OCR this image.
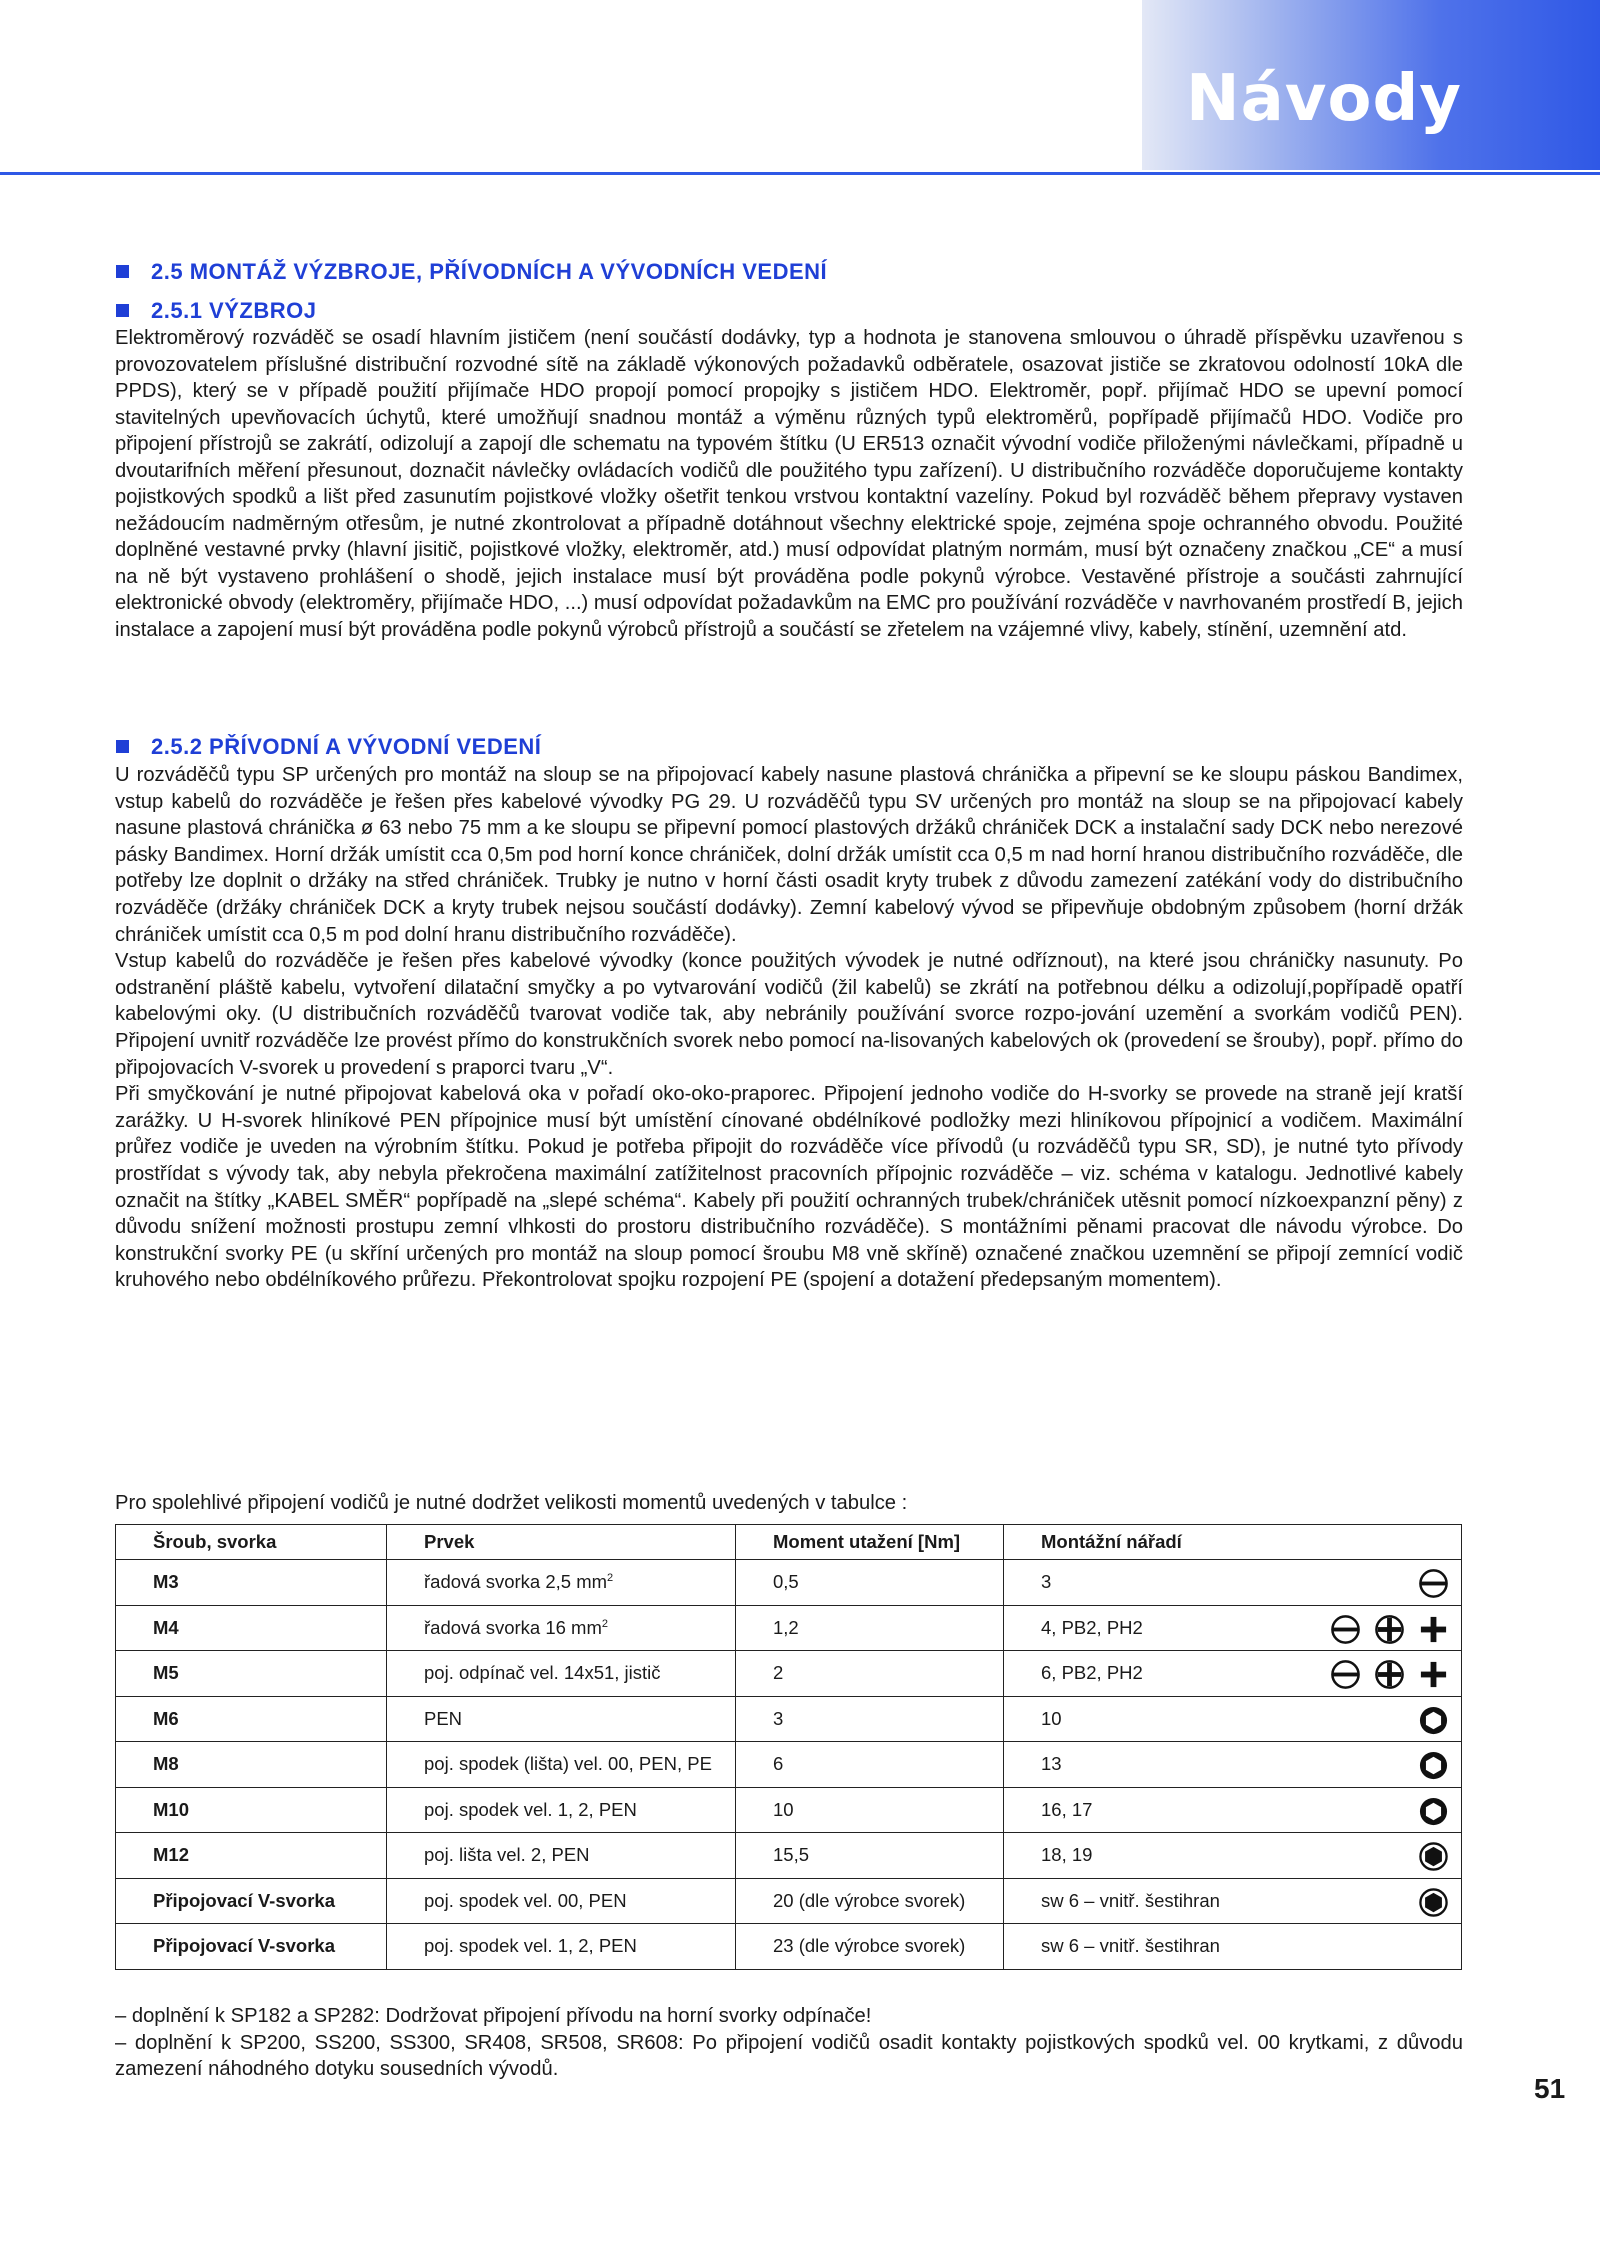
Návody
2.5 MONTÁŽ VÝZBROJE, PŘÍVODNÍCH A VÝVODNÍCH VEDENÍ
2.5.1 VÝZBROJ

Elektroměrový rozváděč se osadí hlavním jističem (není součástí dodávky, typ a hodnota je stanovena smlouvou o úhradě příspěvku uzavřenou s provozovatelem příslušné distribuční rozvodné sítě na základě výkonových požadavků odběratele, osazovat jističe se zkratovou odolností 10kA dle PPDS), který se v případě použití přijímače HDO propojí pomocí propojky s jističem HDO. Elektroměr, popř. přijímač HDO se upevní pomocí stavitelných upevňovacích úchytů, které umožňují snadnou montáž a výměnu různých typů elektroměrů, popřípadě přijímačů HDO. Vodiče pro připojení přístrojů se zakrátí, odizolují a zapojí dle schematu na typovém štítku (U ER513 označit vývodní vodiče přiloženými návlečkami, případně u dvoutarifních měření přesunout, doznačit návlečky ovládacích vodičů dle použitého typu zařízení). U distribučního rozváděče doporučujeme kontakty pojistkových spodků a lišt před zasunutím pojistkové vložky ošetřit tenkou vrstvou kontaktní vazelíny. Pokud byl rozváděč během přepravy vystaven nežádoucím nadměrným otřesům, je nutné zkontrolovat a případně dotáhnout všechny elektrické spoje, zejména spoje ochranného obvodu. Použité doplněné vestavné prvky (hlavní jisitič, pojistkové vložky, elektroměr, atd.) musí odpovídat platným normám, musí být označeny značkou „CE“ a musí na ně být vystaveno prohlášení o shodě, jejich instalace musí být prováděna podle pokynů výrobce. Vestavěné přístroje a součásti zahrnující elektronické obvody (elektroměry, přijímače HDO, ...) musí odpovídat požadavkům na EMC pro používání rozváděče v navrhovaném prostředí B, jejich instalace a zapojení musí být prováděna podle pokynů výrobců přístrojů a součástí se zřetelem na vzájemné vlivy, kabely, stínění, uzemnění atd.

2.5.2 PŘÍVODNÍ A VÝVODNÍ VEDENÍ

U rozváděčů typu SP určených pro montáž na sloup se na připojovací kabely nasune plastová chránička a připevní se ke sloupu páskou Bandimex, vstup kabelů do rozváděče je řešen přes kabelové vývodky PG 29. U rozváděčů typu SV určených pro montáž na sloup se na připojovací kabely nasune plastová chránička ø 63 nebo 75 mm a ke sloupu se připevní pomocí plastových držáků chrániček DCK a instalační sady DCK nebo nerezové pásky Bandimex. Horní držák umístit cca 0,5m pod horní konce chrániček, dolní držák umístit cca 0,5 m nad horní hranou distribučního rozváděče, dle potřeby lze doplnit o držáky na střed chrániček. Trubky je nutno v horní části osadit kryty trubek z důvodu zamezení zatékání vody do distribučního rozváděče (držáky chrániček DCK a kryty trubek nejsou součástí dodávky). Zemní kabelový vývod se připevňuje obdobným způsobem (horní držák chrániček umístit cca 0,5 m pod dolní hranu distribučního rozváděče).

Vstup kabelů do rozváděče je řešen přes kabelové vývodky (konce použitých vývodek je nutné odříznout), na které jsou chráničky nasunuty. Po odstranění pláště kabelu, vytvoření dilatační smyčky a po vytvarování vodičů (žil kabelů) se zkrátí na potřebnou délku a odizolují,popřípadě opatří kabelovými oky. (U distribučních rozváděčů tvarovat vodiče tak, aby nebránily používání svorce rozpo-jování uzemění a svorkám vodičů PEN). Připojení uvnitř rozváděče lze provést přímo do konstrukčních svorek nebo pomocí na-lisovaných kabelových ok (provedení se šrouby), popř. přímo do připojovacích V-svorek u provedení s praporci tvaru „V“.

Při smyčkování je nutné připojovat kabelová oka v pořadí oko-oko-praporec. Připojení jednoho vodiče do H-svorky se provede na straně její kratší zarážky. U H-svorek hliníkové PEN přípojnice musí být umístění cínované obdélníkové podložky mezi hliníkovou přípojnicí a vodičem. Maximální průřez vodiče je uveden na výrobním štítku. Pokud je potřeba připojit do rozváděče více přívodů (u rozváděčů typu SR, SD), je nutné tyto přívody prostřídat s vývody tak, aby nebyla překročena maximální zatížitelnost pracovních přípojnic rozváděče – viz. schéma v katalogu. Jednotlivé kabely označit na štítky „KABEL SMĚR“ popřípadě na „slepé schéma“. Kabely při použití ochranných trubek/chrániček utěsnit pomocí nízkoexpanzní pěny) z důvodu snížení možnosti prostupu zemní vlhkosti do prostoru distribučního rozváděče). S montážními pěnami pracovat dle návodu výrobce. Do konstrukční svorky PE (u skříní určených pro montáž na sloup pomocí šroubu M8 vně skříně) označené značkou uzemnění se připojí zemnící vodič kruhového nebo obdélníkového průřezu. Překontrolovat spojku rozpojení PE (spojení a dotažení předepsaným momentem).

Pro spolehlivé připojení vodičů je nutné dodržet velikosti momentů uvedených v tabulce :

Šroub, svorka	Prvek	Moment utažení [Nm]	Montážní nářadí
M3	řadová svorka 2,5 $mm^2$	0,5	3

M4	řadová svorka 16 $mm^2$	1,2	4, PB2, PH2

M5	poj. odpínač vel. 14x51, jistič	2	6, PB2, PH2

M6	PEN	3	10

M8	poj. spodek (lišta) vel. 00, PEN, PE	6	13

M10	poj. spodek vel. 1, 2, PEN	10	16, 17

M12	poj. lišta vel. 2, PEN	15,5	18, 19

Připojovací V-svorka	poj. spodek vel. 00, PEN	20 (dle výrobce svorek)	sw 6 – vnitř. šestihran

Připojovací V-svorka	poj. spodek vel. 1, 2, PEN	23 (dle výrobce svorek)	sw 6 – vnitř. šestihran

– doplnění k SP182 a SP282: Dodržovat připojení přívodu na horní svorky odpínače!

– doplnění k SP200, SS200, SS300, SR408, SR508, SR608: Po připojení vodičů osadit kontakty pojistkových spodků vel. 00 krytkami, z důvodu zamezení náhodného dotyku sousedních vývodů.

51
